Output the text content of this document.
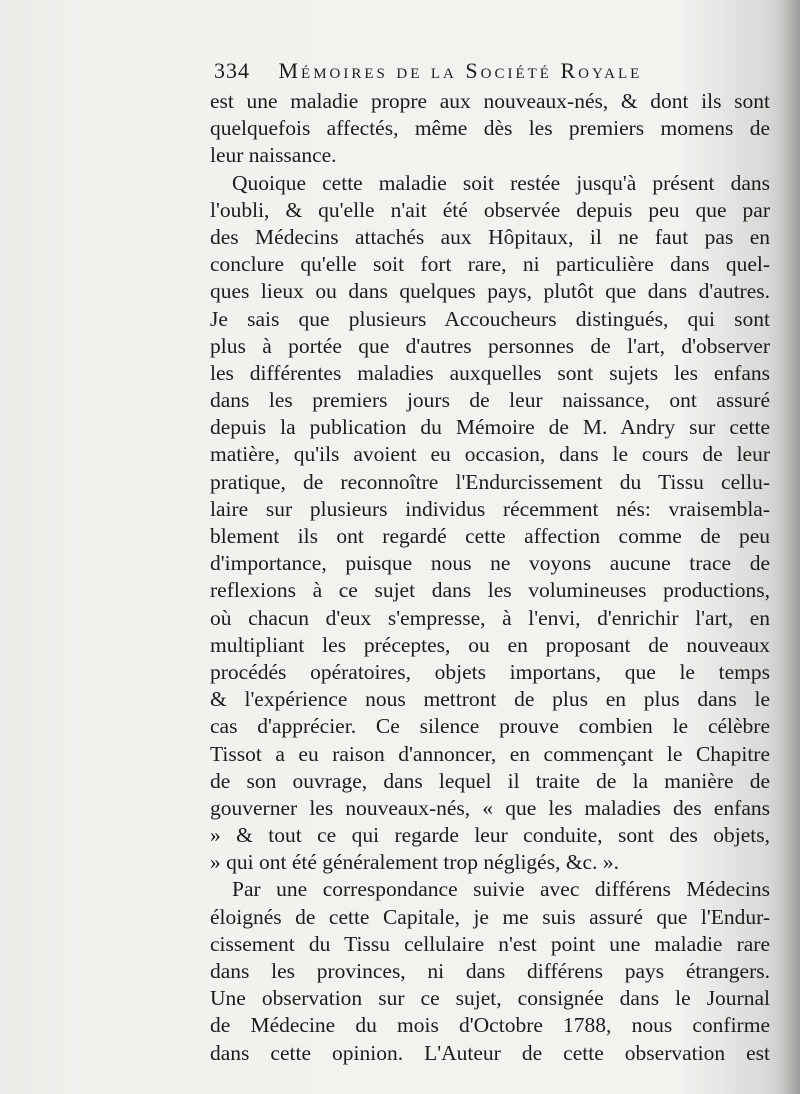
334 Mémoires de la Société Royale
est une maladie propre aux nouveaux-nés, & dont ils sont
quelquefois affectés, même dès les premiers momens de
leur naissance.
Quoique cette maladie soit restée jusqu'à présent dans
l'oubli, & qu'elle n'ait été observée depuis peu que par
des Médecins attachés aux Hôpitaux, il ne faut pas en
conclure qu'elle soit fort rare, ni particulière dans quel-
ques lieux ou dans quelques pays, plutôt que dans d'autres.
Je sais que plusieurs Accoucheurs distingués, qui sont
plus à portée que d'autres personnes de l'art, d'observer
les différentes maladies auxquelles sont sujets les enfans
dans les premiers jours de leur naissance, ont assuré
depuis la publication du Mémoire de M. Andry sur cette
matière, qu'ils avoient eu occasion, dans le cours de leur
pratique, de reconnoître l'Endurcissement du Tissu cellu-
laire sur plusieurs individus récemment nés: vraisembla-
blement ils ont regardé cette affection comme de peu
d'importance, puisque nous ne voyons aucune trace de
reflexions à ce sujet dans les volumineuses productions,
où chacun d'eux s'empresse, à l'envi, d'enrichir l'art, en
multipliant les préceptes, ou en proposant de nouveaux
procédés opératoires, objets importans, que le temps
& l'expérience nous mettront de plus en plus dans le
cas d'apprécier. Ce silence prouve combien le célèbre
Tissot a eu raison d'annoncer, en commençant le Chapitre
de son ouvrage, dans lequel il traite de la manière de
gouverner les nouveaux-nés, « que les maladies des enfans
» & tout ce qui regarde leur conduite, sont des objets,
» qui ont été généralement trop négligés, &c. ».
Par une correspondance suivie avec différens Médecins
éloignés de cette Capitale, je me suis assuré que l'Endur-
cissement du Tissu cellulaire n'est point une maladie rare
dans les provinces, ni dans différens pays étrangers.
Une observation sur ce sujet, consignée dans le Journal
de Médecine du mois d'Octobre 1788, nous confirme
dans cette opinion. L'Auteur de cette observation est
